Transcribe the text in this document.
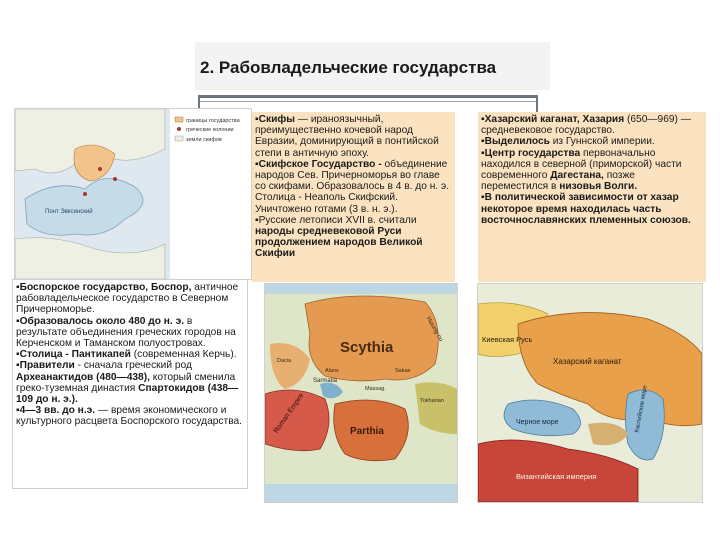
2. Рабовладельческие государства
Понт Эвксинский
границы государства
греческие колонии
земли скифов
▪Скифы — ираноязычный, преимущественно кочевой народ Евразии, доминирующий в понтийской степи в античную эпоху.
▪Скифское Государство - объединение народов Сев. Причерноморья во главе со скифами. Образовалось в 4 в. до н. э. Столица - Неаполь Скифский. Уничтожено готами (3 в. н. э.).
▪Русские летописи XVII в. считали народы средневековой Руси продолжением народов Великой Скифии
▪Хазарский каганат, Хазария (650—969) — средневековое государство.
▪Выделилось из Гуннской империи.
▪Центр государства первоначально находился в северной (приморской) части современного Дагестана, позже переместился в низовья Волги.
▪В политической зависимости от хазар некоторое время находилась часть восточнославянских племенных союзов.
▪Боспорское государство, Боспор, античное рабовладельческое государство в Северном Причерноморье.
▪Образовалось около 480 до н. э. в результате объединения греческих городов на Керченском и Таманском полуостровах.
▪Столица - Пантикапей (современная Керчь).
▪Правители - сначала греческий род Археанактидов (480—438), который сменила греко-туземная династия Спартокидов (438—109 до н. э.).
▪4—3 вв. до н.э. — время экономического и культурного расцвета Боспорского государства.
Scythia
Sarmatia
Parthia
Roman Empire
Hsiung-nu
Tokharian
Dacia
Alans
Massag.
Sakae
Киевская Русь
Хазарский каганат
Черное море	Каспийское море
Византийская империя
